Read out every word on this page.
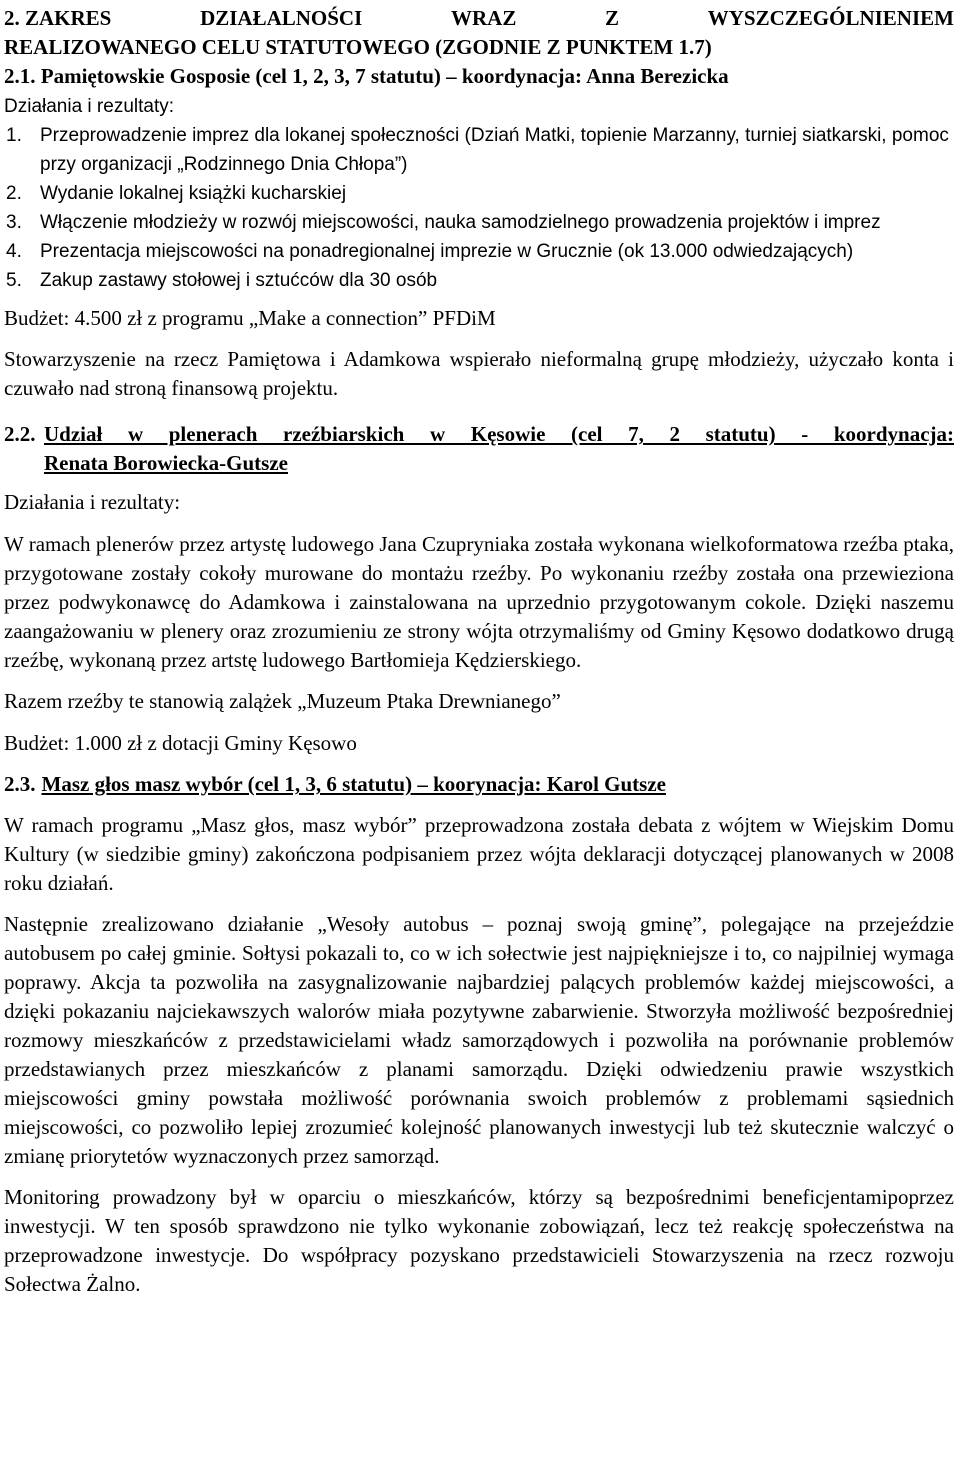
2. ZAKRES	DZIAŁALNOŚCI	WRAZ	Z	WYSZCZEGÓLNIENIEM
REALIZOWANEGO CELU STATUTOWEGO (ZGODNIE Z PUNKTEM 1.7)
2.1. Pamiętowskie Gosposie (cel 1, 2, 3, 7 statutu) – koordynacja: Anna Berezicka
Działania i rezultaty:
1. Przeprowadzenie imprez dla lokanej społeczności (Dziań Matki, topienie Marzanny, turniej siatkarski, pomoc przy organizacji „Rodzinnego Dnia Chłopa”)
2. Wydanie lokalnej książki kucharskiej
3. Włączenie młodzieży w rozwój miejscowości, nauka samodzielnego prowadzenia projektów i imprez
4. Prezentacja miejscowości na ponadregionalnej imprezie w Grucznie (ok 13.000 odwiedzających)
5. Zakup zastawy stołowej i sztućców dla 30 osób
Budżet: 4.500 zł z programu „Make a connection” PFDiM
Stowarzyszenie na rzecz Pamiętowa i Adamkowa wspierało nieformalną grupę młodzieży, użyczało konta i czuwało nad stroną finansową projektu.
2.2. Udział w plenerach rzeźbiarskich w Kęsowie (cel 7, 2 statutu) - koordynacja:
Renata Borowiecka-Gutsze
Działania i rezultaty:
W ramach plenerów przez artystę ludowego Jana Czupryniaka została wykonana wielkoformatowa rzeźba ptaka, przygotowane zostały cokoły murowane do montażu rzeźby. Po wykonaniu rzeźby została ona przewieziona przez podwykonawcę do Adamkowa i zainstalowana na uprzednio przygotowanym cokole. Dzięki naszemu zaangażowaniu w plenery oraz zrozumieniu ze strony wójta otrzymaliśmy od Gminy Kęsowo dodatkowo drugą rzeźbę, wykonaną przez artstę ludowego Bartłomieja Kędzierskiego.
Razem rzeźby te stanowią zalążek „Muzeum Ptaka Drewnianego”
Budżet: 1.000 zł z dotacji Gminy Kęsowo
2.3. Masz głos masz wybór (cel 1, 3, 6 statutu) – koorynacja: Karol Gutsze
W ramach programu „Masz głos, masz wybór” przeprowadzona została debata z wójtem w Wiejskim Domu Kultury (w siedzibie gminy) zakończona podpisaniem przez wójta deklaracji dotyczącej planowanych w 2008 roku działań.
Następnie zrealizowano działanie „Wesoły autobus – poznaj swoją gminę”, polegające na przejeździe autobusem po całej gminie. Sołtysi pokazali to, co w ich sołectwie jest najpiękniejsze i to, co najpilniej wymaga poprawy. Akcja ta pozwoliła na zasygnalizowanie najbardziej palących problemów każdej miejscowości, a dzięki pokazaniu najciekawszych walorów miała pozytywne zabarwienie. Stworzyła możliwość bezpośredniej rozmowy mieszkańców z przedstawicielami władz samorządowych i pozwoliła na porównanie problemów przedstawianych przez mieszkańców z planami samorządu. Dzięki odwiedzeniu prawie wszystkich miejscowości gminy powstała możliwość porównania swoich problemów z problemami sąsiednich miejscowości, co pozwoliło lepiej zrozumieć kolejność planowanych inwestycji lub też skutecznie walczyć o zmianę priorytetów wyznaczonych przez samorząd.
Monitoring prowadzony był w oparciu o mieszkańców, którzy są bezpośrednimi beneficjentamipoprzez inwestycji. W ten sposób sprawdzono nie tylko wykonanie zobowiązań, lecz też reakcję społeczeństwa na przeprowadzone inwestycje. Do współpracy pozyskano przedstawicieli Stowarzyszenia na rzecz rozwoju Sołectwa Żalno.
